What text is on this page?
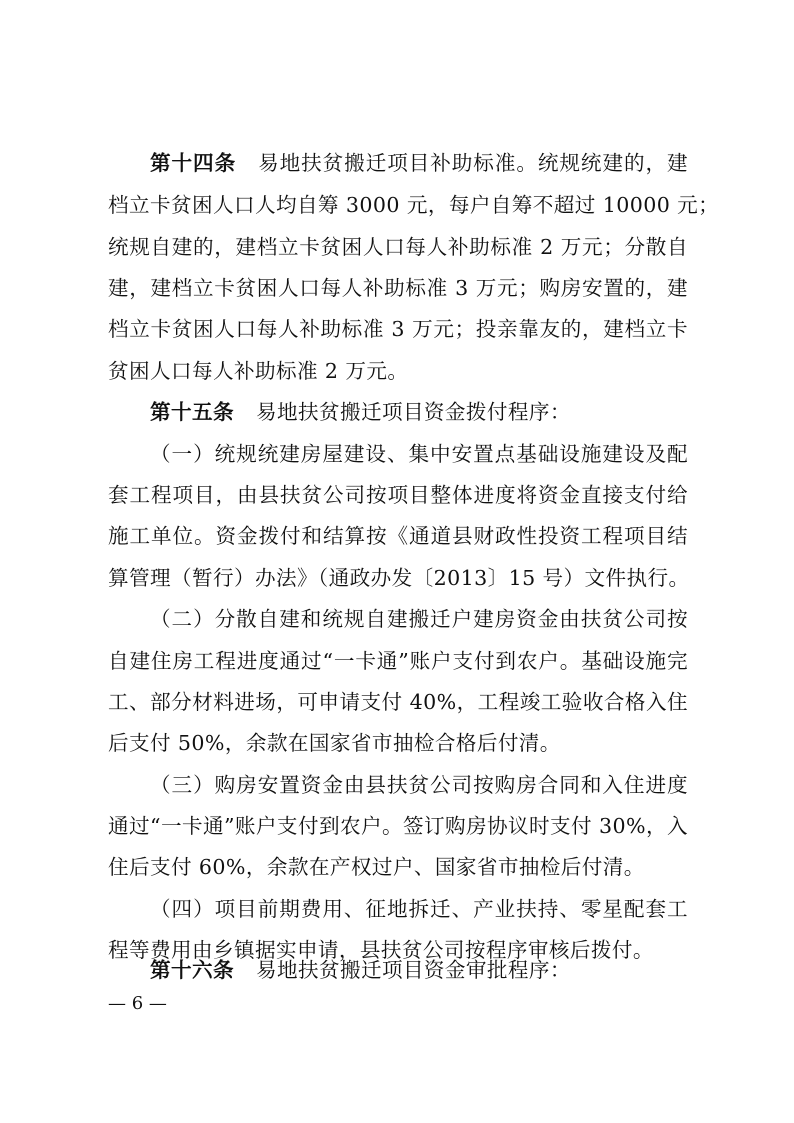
第十四条 易地扶贫搬迁项目补助标准。统规统建的，建
档立卡贫困人口人均自筹 3000 元，每户自筹不超过 10000 元；
统规自建的，建档立卡贫困人口每人补助标准 2 万元；分散自
建，建档立卡贫困人口每人补助标准 3 万元；购房安置的，建
档立卡贫困人口每人补助标准 3 万元；投亲靠友的，建档立卡
贫困人口每人补助标准 2 万元。
第十五条 易地扶贫搬迁项目资金拨付程序：
（一）统规统建房屋建设、集中安置点基础设施建设及配
套工程项目，由县扶贫公司按项目整体进度将资金直接支付给
施工单位。资金拨付和结算按《通道县财政性投资工程项目结
算管理（暂行）办法》（通政办发〔2013〕15 号）文件执行。
（二）分散自建和统规自建搬迁户建房资金由扶贫公司按
自建住房工程进度通过“一卡通”账户支付到农户。基础设施完
工、部分材料进场，可申请支付 40%，工程竣工验收合格入住
后支付 50%，余款在国家省市抽检合格后付清。
（三）购房安置资金由县扶贫公司按购房合同和入住进度
通过“一卡通”账户支付到农户。签订购房协议时支付 30%，入
住后支付 60%，余款在产权过户、国家省市抽检后付清。
（四）项目前期费用、征地拆迁、产业扶持、零星配套工
程等费用由乡镇据实申请，县扶贫公司按程序审核后拨付。
第十六条 易地扶贫搬迁项目资金审批程序：
— 6 —
